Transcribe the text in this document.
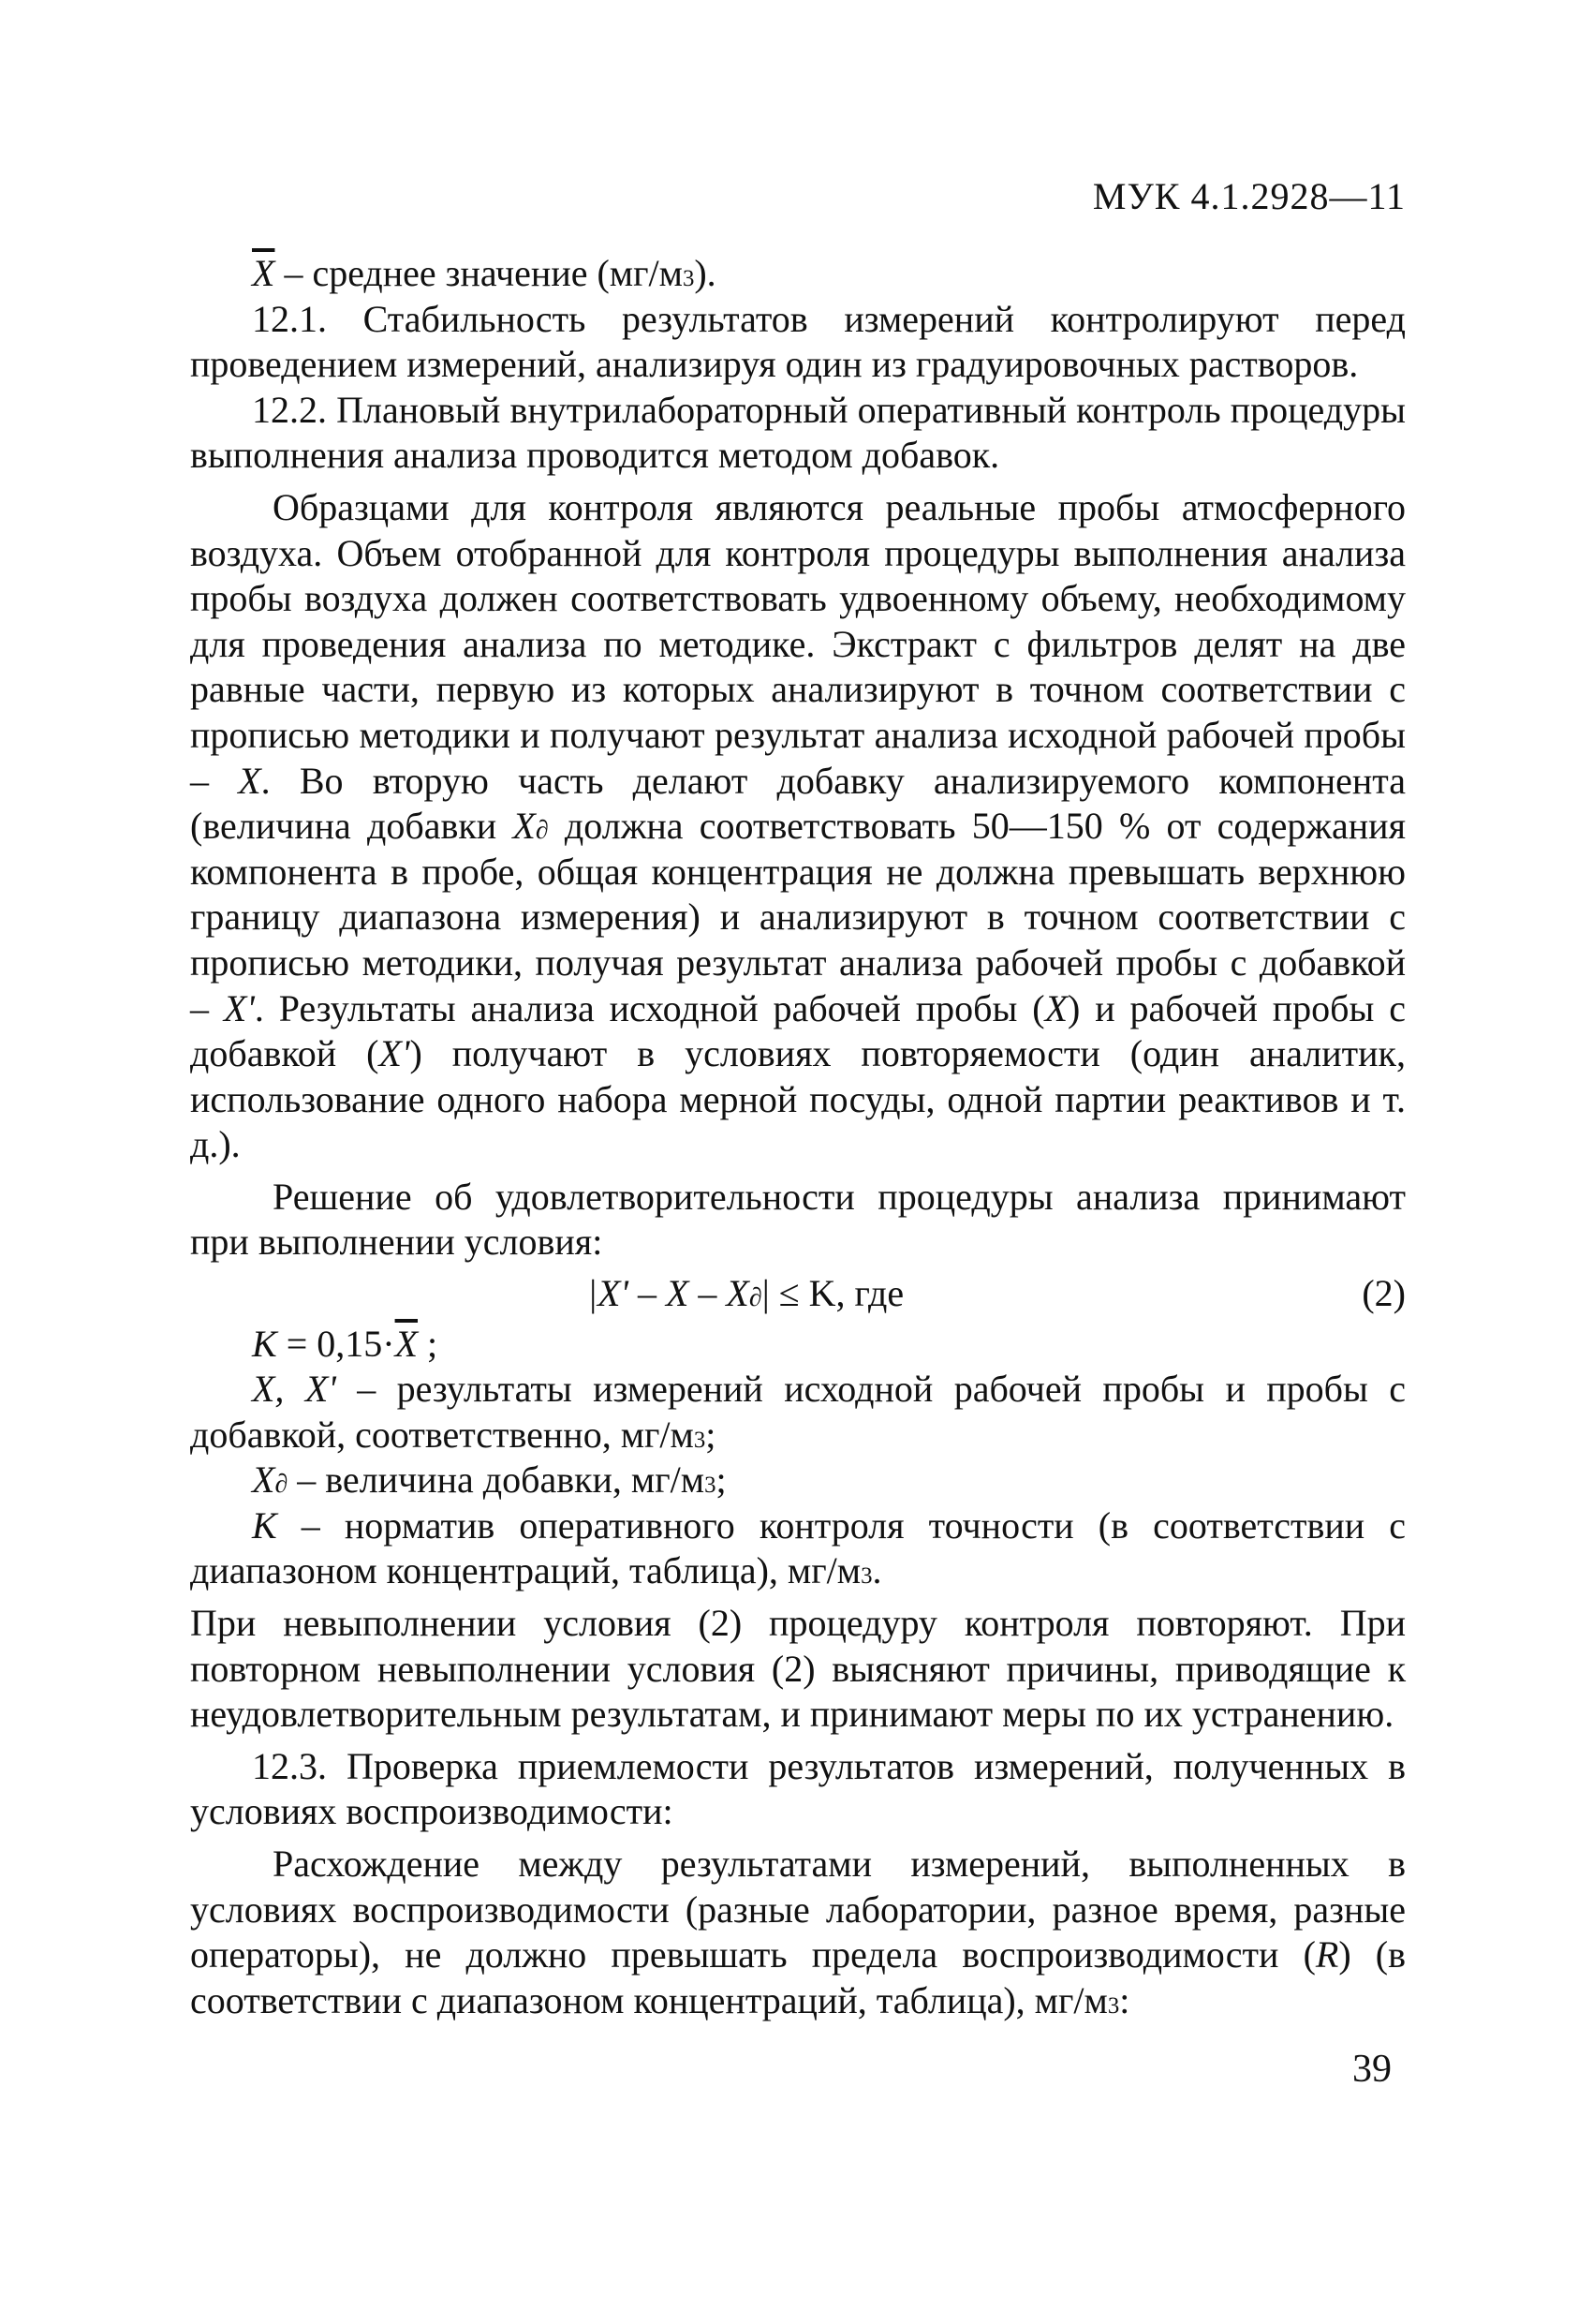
МУК 4.1.2928—11

$\overline{X}$ – среднее значение $(мг/м^3)$.

12.1. Стабильность результатов измерений контролируют перед проведением измерений, анализируя один из градуировочных растворов.

12.2. Плановый внутрилабораторный оперативный контроль процедуры выполнения анализа проводится методом добавок.

Образцами для контроля являются реальные пробы атмосферного воздуха. Объем отобранной для контроля процедуры выполнения анализа пробы воздуха должен соответствовать удвоенному объему, необходимому для проведения анализа по методике. Экстракт с фильтров делят на две равные части, первую из которых анализируют в точном соответствии с прописью методики и получают результат анализа исходной рабочей пробы – X. Во вторую часть делают добавку анализируемого компонента (величина добавки $X_\partial$ должна соответствовать 50—150 % от содержания компонента в пробе, общая концентрация не должна превышать верхнюю границу диапазона измерения) и анализируют в точном соответствии с прописью методики, получая результат анализа рабочей пробы с добавкой – X'. Результаты анализа исходной рабочей пробы (X) и рабочей пробы с добавкой (X') получают в условиях повторяемости (один аналитик, использование одного набора мерной посуды, одной партии реактивов и т. д.).

Решение об удовлетворительности процедуры анализа принимают при выполнении условия:

$|X' - X - X_\partial| \le K$, где	(2)
$K = 0,15\cdot\overline{X}$ ;

X, X' – результаты измерений исходной рабочей пробы и пробы с добавкой, соответственно, $мг/м^3$;

$X_\partial$ – величина добавки, $мг/м^3$;

K – норматив оперативного контроля точности (в соответствии с диапазоном концентраций, таблица), $мг/м^3$.

При невыполнении условия (2) процедуру контроля повторяют. При повторном невыполнении условия (2) выясняют причины, приводящие к неудовлетворительным результатам, и принимают меры по их устранению.

12.3. Проверка приемлемости результатов измерений, полученных в условиях воспроизводимости:

Расхождение между результатами измерений, выполненных в условиях воспроизводимости (разные лаборатории, разное время, разные операторы), не должно превышать предела воспроизводимости (R) (в соответствии с диапазоном концентраций, таблица), $мг/м^3$:

39
